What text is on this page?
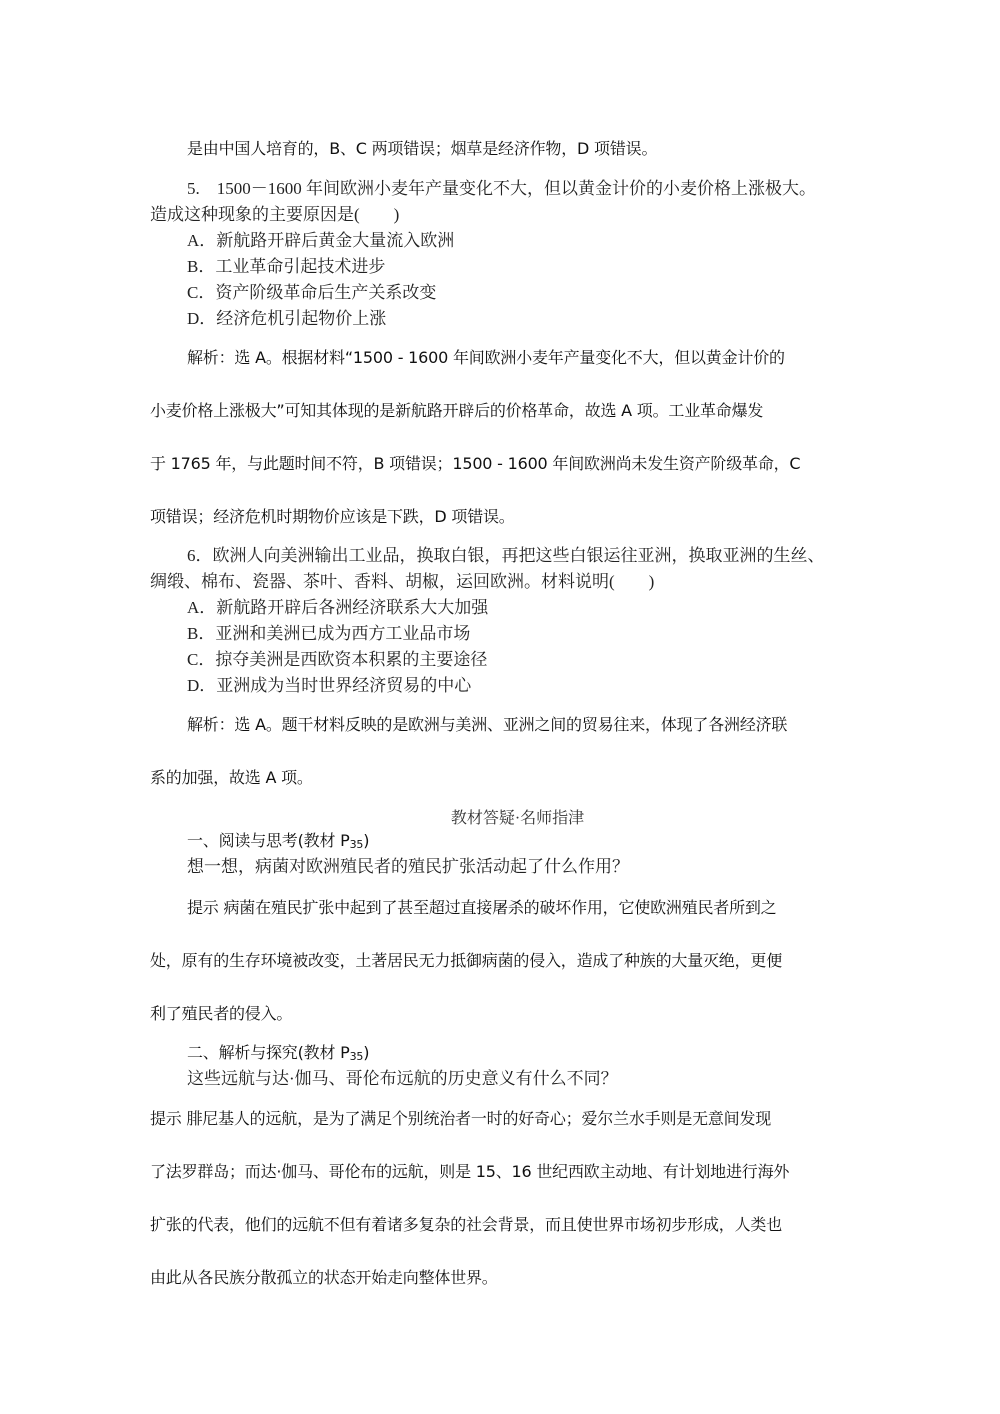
是由中国人培育的，B、C 两项错误；烟草是经济作物，D 项错误。
5.　1500－1600 年间欧洲小麦年产量变化不大，但以黄金计价的小麦价格上涨极大。
造成这种现象的主要原因是(　　)
A．新航路开辟后黄金大量流入欧洲
B．工业革命引起技术进步
C．资产阶级革命后生产关系改变
D．经济危机引起物价上涨
解析：选 A。根据材料“1500 - 1600 年间欧洲小麦年产量变化不大，但以黄金计价的
小麦价格上涨极大”可知其体现的是新航路开辟后的价格革命，故选 A 项。工业革命爆发
于 1765 年，与此题时间不符，B 项错误；1500 - 1600 年间欧洲尚未发生资产阶级革命，C
项错误；经济危机时期物价应该是下跌，D 项错误。
6．欧洲人向美洲输出工业品，换取白银，再把这些白银运往亚洲，换取亚洲的生丝、
绸缎、棉布、瓷器、茶叶、香料、胡椒，运回欧洲。材料说明(　　)
A．新航路开辟后各洲经济联系大大加强
B．亚洲和美洲已成为西方工业品市场
C．掠夺美洲是西欧资本积累的主要途径
D．亚洲成为当时世界经济贸易的中心
解析：选 A。题干材料反映的是欧洲与美洲、亚洲之间的贸易往来，体现了各洲经济联
系的加强，故选 A 项。
教材答疑·名师指津
一、阅读与思考(教材 $P_{35}$)
想一想，病菌对欧洲殖民者的殖民扩张活动起了什么作用？
提示 病菌在殖民扩张中起到了甚至超过直接屠杀的破坏作用，它使欧洲殖民者所到之
处，原有的生存环境被改变，土著居民无力抵御病菌的侵入，造成了种族的大量灭绝，更便
利了殖民者的侵入。
二、解析与探究(教材 $P_{35}$)
这些远航与达·伽马、哥伦布远航的历史意义有什么不同？
提示 腓尼基人的远航，是为了满足个别统治者一时的好奇心；爱尔兰水手则是无意间发现
了法罗群岛；而达·伽马、哥伦布的远航，则是 15、16 世纪西欧主动地、有计划地进行海外
扩张的代表，他们的远航不但有着诸多复杂的社会背景，而且使世界市场初步形成，人类也
由此从各民族分散孤立的状态开始走向整体世界。
